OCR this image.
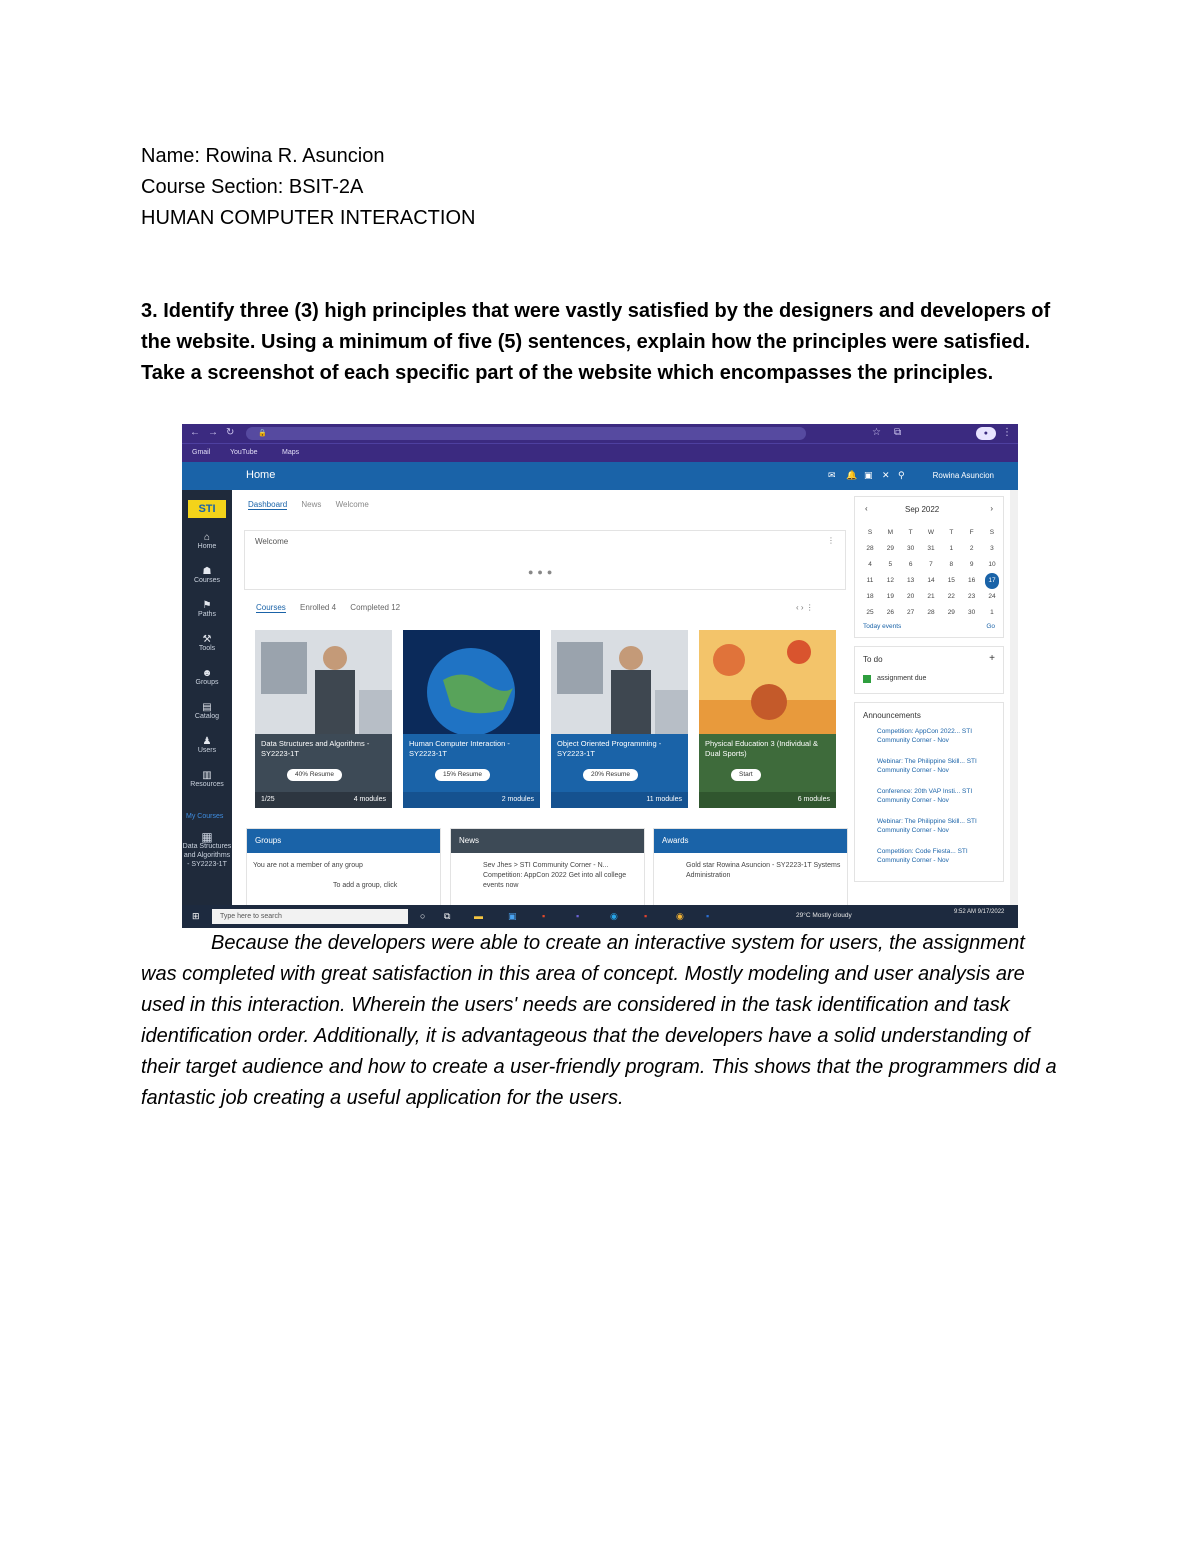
Name: Rowina R. Asuncion
Course Section: BSIT-2A
HUMAN COMPUTER INTERACTION
3. Identify three (3) high principles that were vastly satisfied by the designers and developers of the website. Using a minimum of five (5) sentences, explain how the principles were satisfied. Take a screenshot of each specific part of the website which encompasses the principles.
← → ↻	🔒	☆ ⧉	●	⋮
Gmail	YouTube	Maps
Home	✉ 🔔 ▣ ✕ ⚲	Rowina Asuncion
STI
⌂
Home
☗
Courses
⚑
Paths
⚒
Tools
☻
Groups
▤
Catalog
♟
Users
▥
Resources
My Courses
▦
Data Structures and Algorithms - SY2223-1T
Dashboard News Welcome
Welcome	⋮
●●●
Courses Enrolled 4 Completed 12	‹ › ⋮
Data Structures and Algorithms - SY2223-1T
40% Resume
1/25	4 modules
Human Computer Interaction - SY2223-1T
15% Resume
2 modules
Object Oriented Programming - SY2223-1T
20% Resume
11 modules
Physical Education 3 (Individual & Dual Sports)
Start
6 modules
Groups
You are not a member of any group

To add a group, click
News
Sev Jhes > STI Community Corner - N... Competition: AppCon 2022 Get into all college events now
Awards
Gold star Rowina Asuncion - SY2223-1T Systems Administration
‹	Sep 2022	›
S	M	T	W	T	F	S
28	29	30	31	1	2	3
4	5	6	7	8	9	10
11	12	13	14	15	16	17
18	19	20	21	22	23	24
25	26	27	28	29	30	1
Today events	Go
To do	+
assignment due
Announcements
Competition: AppCon 2022... STI Community Corner - Nov
Webinar: The Philippine Skill... STI Community Corner - Nov
Conference: 20th VAP Insti... STI Community Corner - Nov
Webinar: The Philippine Skill... STI Community Corner - Nov
Competition: Code Fiesta... STI Community Corner - Nov
⊞	Type here to search	○ ⧉	▬	▣	▪	▪	◉	▪	◉ ▪	29°C Mostly cloudy	9:52 AM 9/17/2022
Because the developers were able to create an interactive system for users, the assignment was completed with great satisfaction in this area of concept. Mostly modeling and user analysis are used in this interaction. Wherein the users' needs are considered in the task identification and task identification order. Additionally, it is advantageous that the developers have a solid understanding of their target audience and how to create a user-friendly program. This shows that the programmers did a fantastic job creating a useful application for the users.
